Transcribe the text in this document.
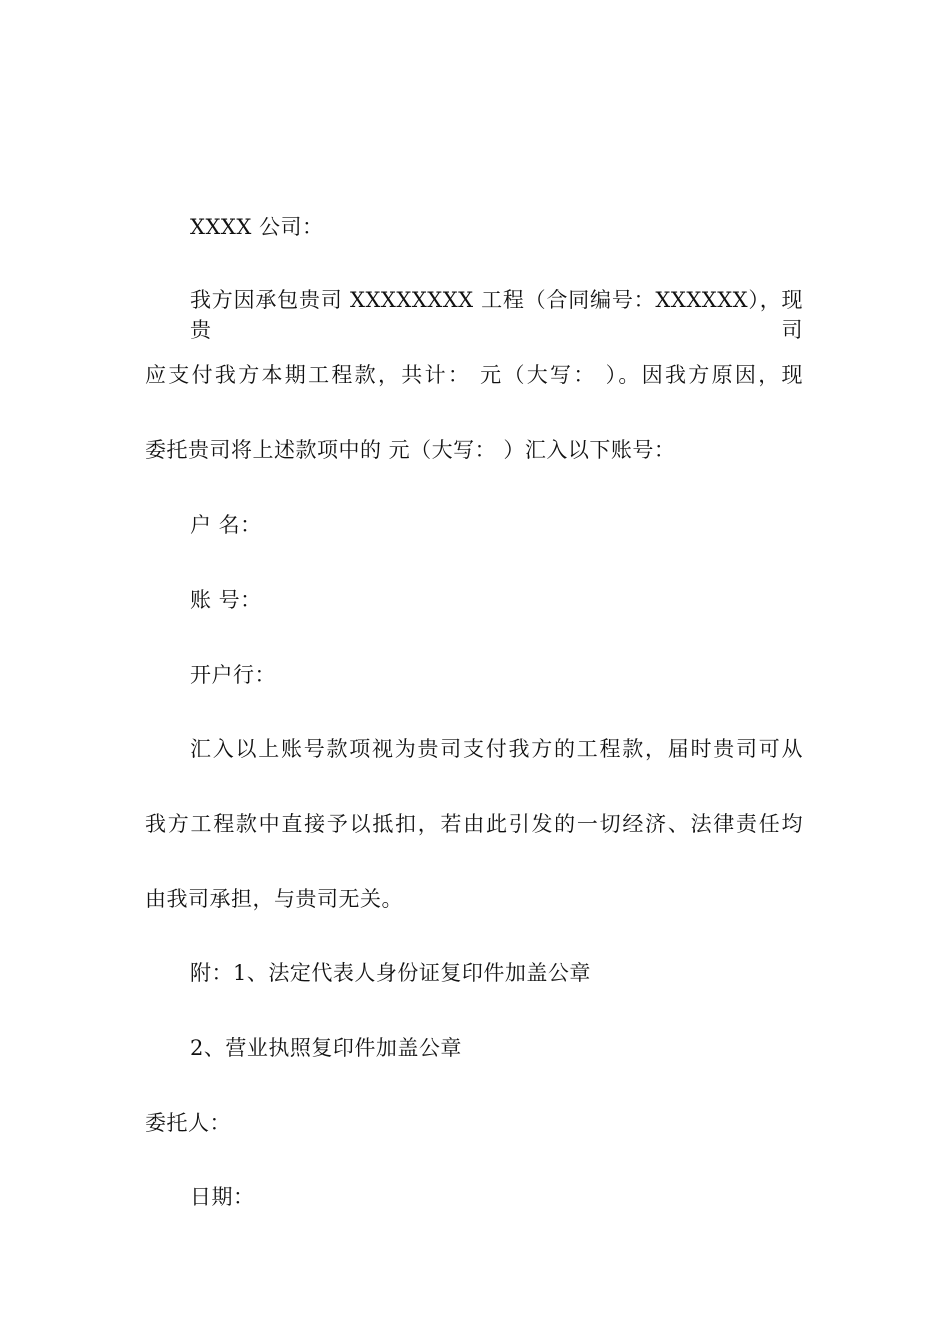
XXXX 公司：
我方因承包贵司 XXXXXXXX 工程（合同编号：XXXXXX），现贵司
应支付我方本期工程款，共计： 元（大写： ）。因我方原因，现
委托贵司将上述款项中的 元（大写： ）汇入以下账号：
户 名：
账 号：
开户行：
汇入以上账号款项视为贵司支付我方的工程款，届时贵司可从
我方工程款中直接予以抵扣，若由此引发的一切经济、法律责任均
由我司承担，与贵司无关。
附：1、法定代表人身份证复印件加盖公章
2、营业执照复印件加盖公章
委托人：
日期：
